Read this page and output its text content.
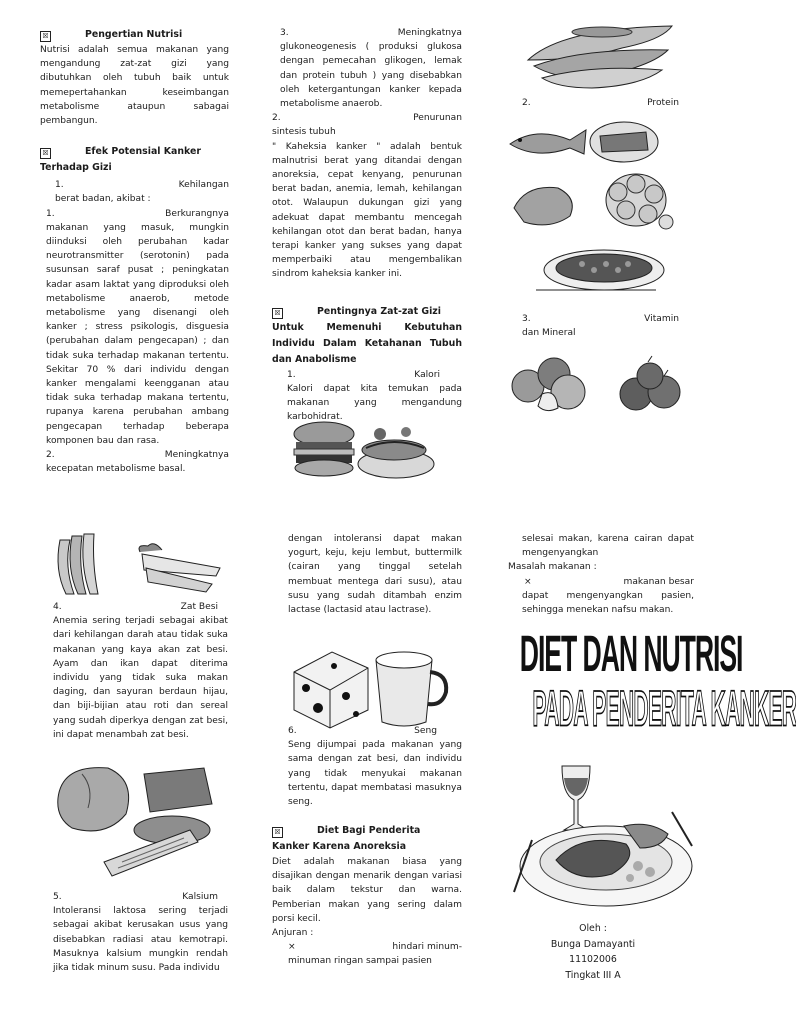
☒	Pengertian Nutrisi

Nutrisi adalah semua makanan yang mengandung zat-zat gizi yang dibutuhkan oleh tubuh baik untuk memepertahankan keseimbangan metabolisme ataupun sabagai pembangun.

☒	Efek Potensial Kanker

Terhadap Gizi

1.	Kehilangan

berat badan, akibat :

1.	Berkurangnya

makanan yang masuk, mungkin diinduksi oleh perubahan kadar neurotransmitter (serotonin) pada susunsan saraf pusat ; peningkatan kadar asam laktat yang diproduksi oleh metabolisme anaerob, metode metabolisme yang disenangi oleh kanker ; stress psikologis, disguesia (perubahan dalam pengecapan) ; dan tidak suka terhadap makanan tertentu. Sekitar 70 % dari individu dengan kanker mengalami keengganan atau tidak suka terhadap makana tertentu, rupanya karena perubahan ambang pengecapan terhadap beberapa komponen bau dan rasa.

2.	Meningkatnya

kecepatan metabolisme basal.

3.	Meningkatnya

glukoneogenesis ( produksi glukosa dengan pemecahan glikogen, lemak dan protein tubuh ) yang disebabkan oleh ketergantungan kanker kepada metabolisme anaerob.

2.	Penurunan

sintesis tubuh

" Kaheksia kanker " adalah bentuk malnutrisi berat yang ditandai dengan anoreksia, cepat kenyang, penurunan berat badan, anemia, lemah, kehilangan otot. Walaupun dukungan gizi yang adekuat dapat membantu mencegah kehilangan otot dan berat badan, hanya terapi kanker yang sukses yang dapat memperbaiki atau mengembalikan sindrom kaheksia kanker ini.

☒	Pentingnya Zat-zat Gizi

Untuk Memenuhi Kebutuhan Individu Dalam Ketahanan Tubuh dan Anabolisme

1.	Kalori

Kalori dapat kita temukan pada makanan yang mengandung karbohidrat.

2.	Protein
3.	Vitamin

dan Mineral

4.	Zat Besi

Anemia sering terjadi sebagai akibat dari kehilangan darah atau tidak suka makanan yang kaya akan zat besi. Ayam dan ikan dapat diterima individu yang tidak suka makan daging, dan sayuran berdaun hijau, dan biji-bijian atau roti dan sereal yang sudah diperkya dengan zat besi, ini dapat menambah zat besi.

5.	Kalsium

Intoleransi laktosa sering terjadi sebagai akibat kerusakan usus yang disebabkan radiasi atau kemotrapi. Masuknya kalsium mungkin rendah jika tidak minum susu. Pada individu

dengan intoleransi dapat makan yogurt, keju, keju lembut, buttermilk (cairan yang tinggal setelah membuat mentega dari susu), atau susu yang sudah ditambah enzim lactase (lactasid atau lactrase).

6.	Seng

Seng dijumpai pada makanan yang sama dengan zat besi, dan individu yang tidak menyukai makanan tertentu, dapat membatasi masuknya seng.

☒	Diet Bagi Penderita

Kanker Karena Anoreksia

Diet adalah makanan biasa yang disajikan dengan menarik dengan variasi baik dalam tekstur dan warna. Pemberian makan yang sering dalam porsi kecil.

Anjuran :

×	hindari minum-

minuman ringan sampai pasien

selesai makan, karena cairan dapat mengenyangkan

Masalah makanan :

×	makanan besar

dapat mengenyangkan pasien, sehingga menekan nafsu makan.

DIET DAN NUTRISI
PADA PENDERITA KANKER

Oleh :

Bunga Damayanti

11102006

Tingkat III A
